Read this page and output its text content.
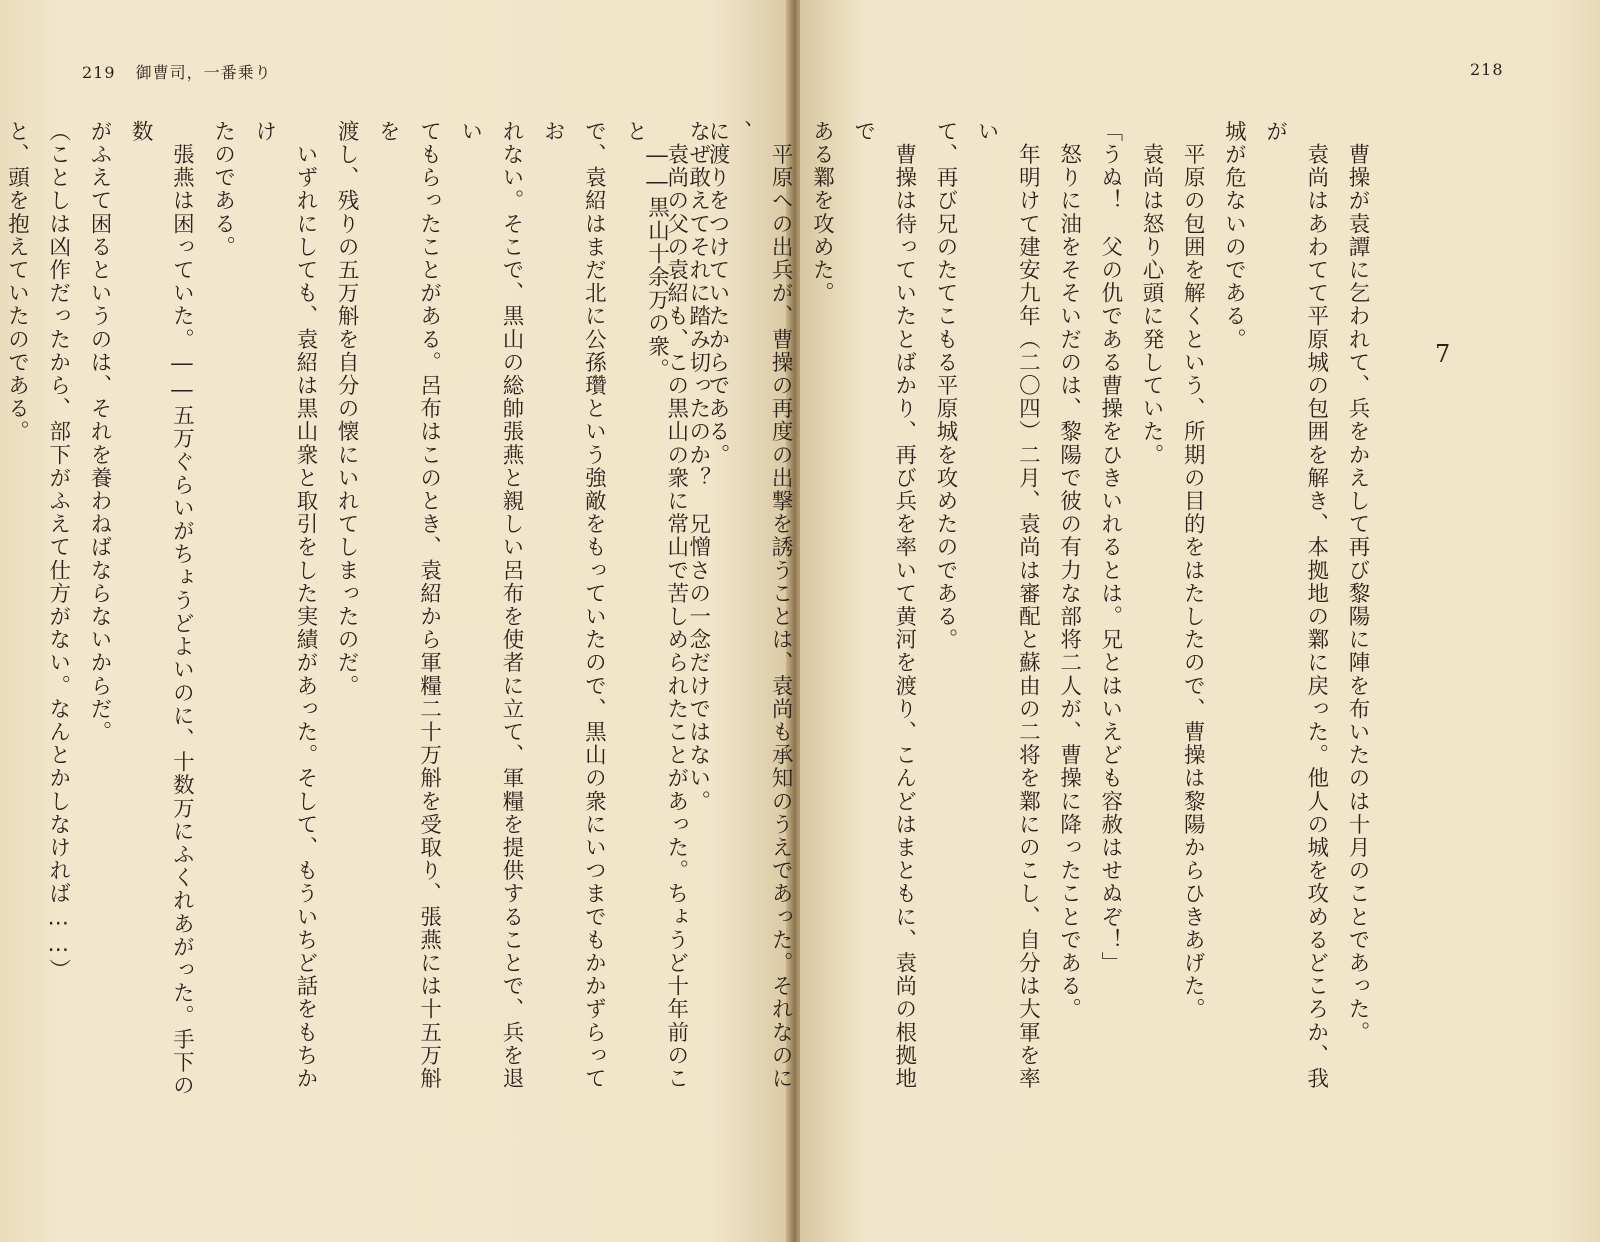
219 御曹司，一番乗り	218
7

　曹操が袁譚に乞われて、兵をかえして再び黎陽に陣を布いたのは十月のことであった。

　袁尚はあわてて平原城の包囲を解き、本拠地の鄴に戻った。他人の城を攻めるどころか、我

が

城が危ないのである。

　平原の包囲を解くという、所期の目的をはたしたので、曹操は黎陽からひきあげた。

　袁尚は怒り心頭に発していた。

「うぬ！　父の仇である曹操をひきいれるとは。兄とはいえども容赦はせぬぞ！」

　怒りに油をそそいだのは、黎陽で彼の有力な部将二人が、曹操に降ったことである。

　年明けて建安九年（二〇四）二月、袁尚は審配と蘇由の二将を鄴にのこし、自分は大軍を率

い

て、再び兄のたてこもる平原城を攻めたのである。

　曹操は待っていたとばかり、再び兵を率いて黄河を渡り、こんどはまともに、袁尚の根拠地

で

ある鄴を攻めた。

　平原への出兵が、曹操の再度の出撃を誘うことは、袁尚も承知のうえであった。それなのに

、

なぜ敢えてそれに踏み切ったのか？　兄憎さの一念だけではない。

　――黒山十余万の衆。	に渡りをつけていたからである。

　袁尚の父の袁紹も、この黒山の衆に常山で苦しめられたことがあった。ちょうど十年前のこ

と

で、袁紹はまだ北に公孫瓚という強敵をもっていたので、黒山の衆にいつまでもかかずらって

お

れない。そこで、黒山の総帥張燕と親しい呂布を使者に立て、軍糧を提供することで、兵を退

い

てもらったことがある。呂布はこのとき、袁紹から軍糧二十万斛を受取り、張燕には十五万斛

を

渡し、残りの五万斛を自分の懐にいれてしまったのだ。

　いずれにしても、袁紹は黒山衆と取引をした実績があった。そして、もういちど話をもちか

け

たのである。

　張燕は困っていた。――五万ぐらいがちょうどよいのに、十数万にふくれあがった。手下の

数

がふえて困るというのは、それを養わねばならないからだ。

（ことしは凶作だったから、部下がふえて仕方がない。なんとかしなければ……）

と、頭を抱えていたのである。
